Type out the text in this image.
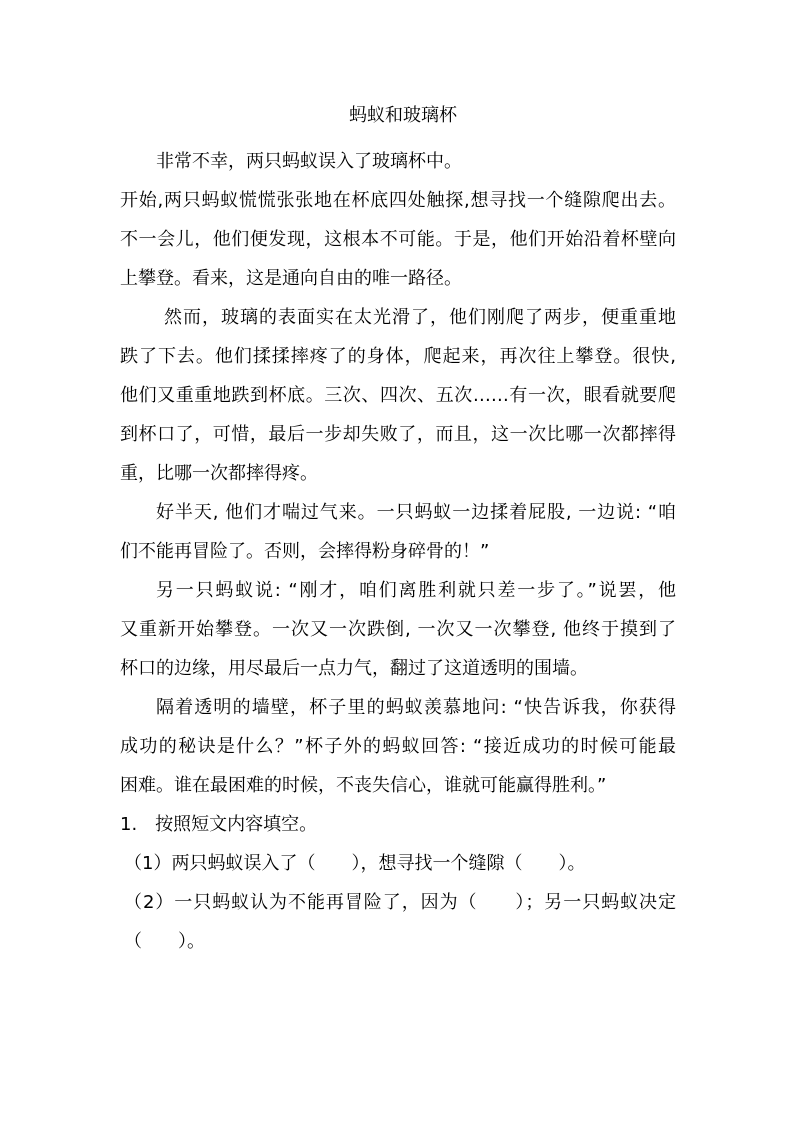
蚂蚁和玻璃杯
非常不幸，两只蚂蚁误入了玻璃杯中。
开始,两只蚂蚁慌慌张张地在杯底四处触探,想寻找一个缝隙爬出去。
不一会儿，他们便发现，这根本不可能。于是，他们开始沿着杯壁向
上攀登。看来，这是通向自由的唯一路径。
然而，玻璃的表面实在太光滑了，他们刚爬了两步，便重重地
跌了下去。他们揉揉摔疼了的身体，爬起来，再次往上攀登。很快,
他们又重重地跌到杯底。三次、四次、五次……有一次，眼看就要爬
到杯口了，可惜，最后一步却失败了，而且，这一次比哪一次都摔得
重，比哪一次都摔得疼。
好半天, 他们才喘过气来。一只蚂蚁一边揉着屁股, 一边说: “咱
们不能再冒险了。否则，会摔得粉身碎骨的！”
另一只蚂蚁说: “刚才，咱们离胜利就只差一步了。”说罢，他
又重新开始攀登。一次又一次跌倒, 一次又一次攀登, 他终于摸到了
杯口的边缘，用尽最后一点力气，翻过了这道透明的围墙。
隔着透明的墙壁，杯子里的蚂蚁羡慕地问: “快告诉我，你获得
成功的秘诀是什么？”杯子外的蚂蚁回答: “接近成功的时候可能最
困难。谁在最困难的时候，不丧失信心，谁就可能赢得胜利。”
1.　按照短文内容填空。
（1）两只蚂蚁误入了（　　），想寻找一个缝隙（　　）。
（2）一只蚂蚁认为不能再冒险了，因为（　　）；另一只蚂蚁决定
（　　）。
